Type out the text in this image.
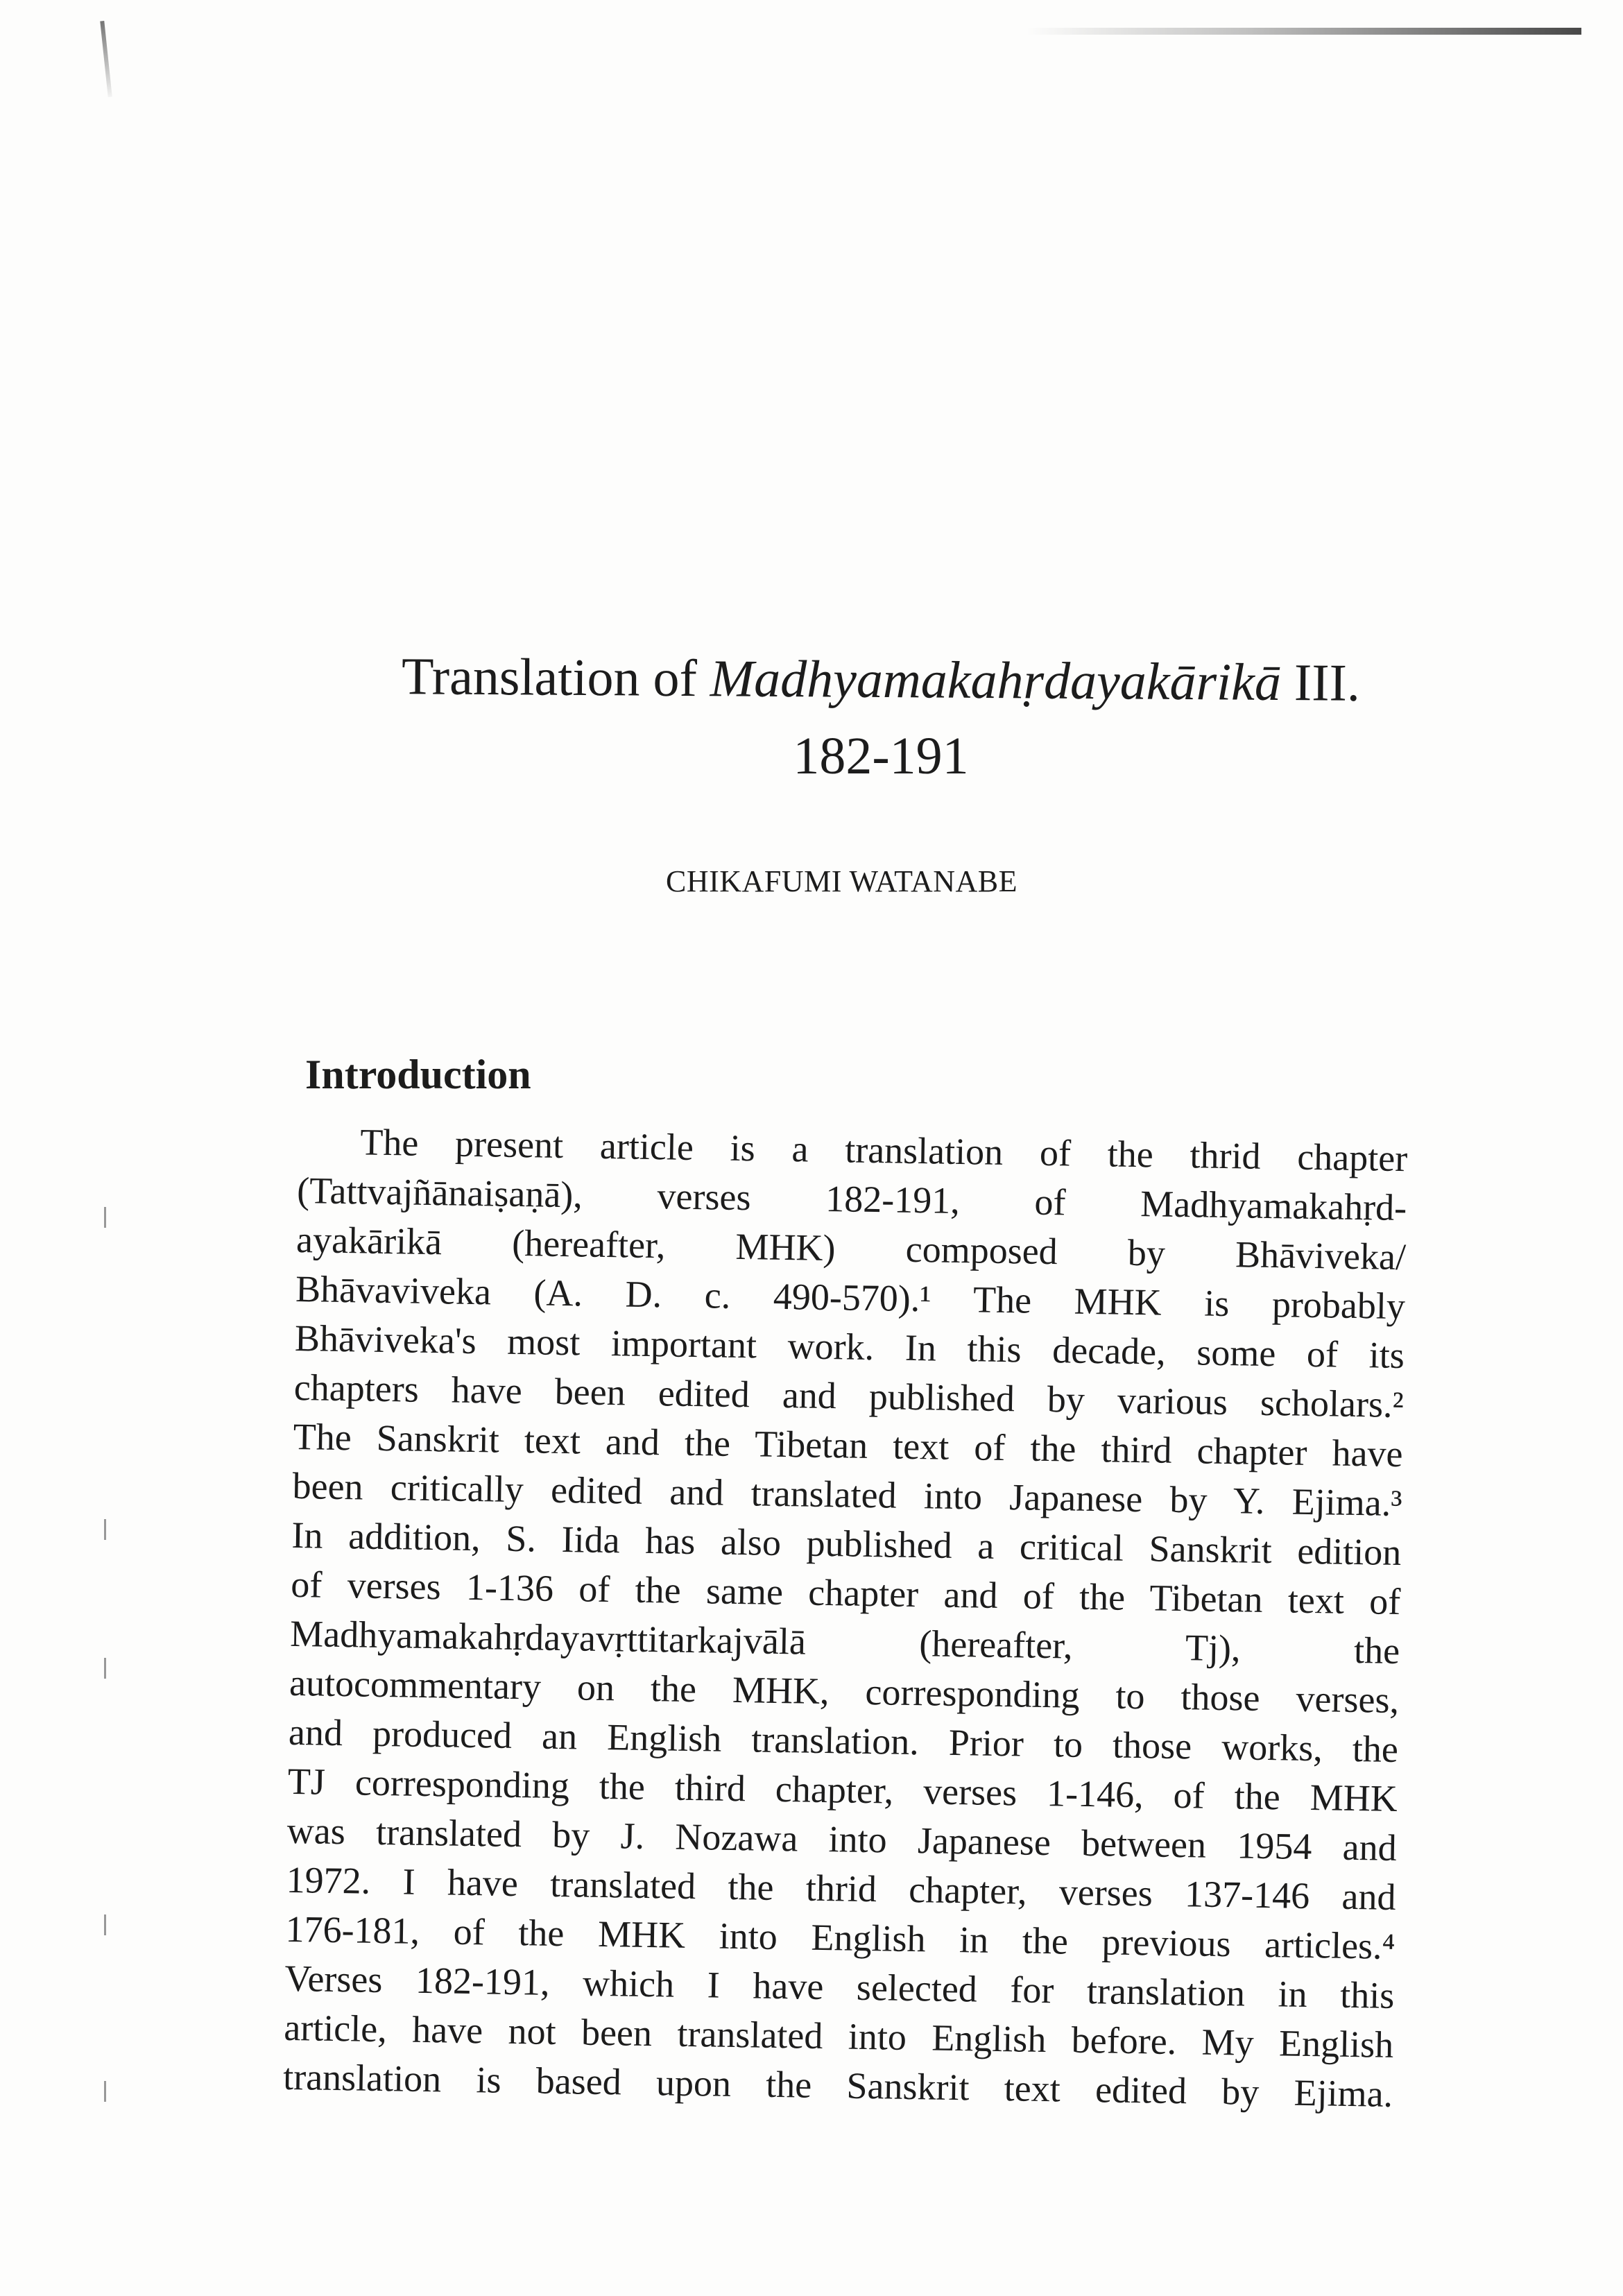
Translation of Madhyamakahṛdayakārikā III.
182-191
CHIKAFUMI WATANABE
Introduction
The present article is a translation of the thrid chapter
(Tattvajñānaiṣaṇā), verses 182-191, of Madhyamakahṛd-
ayakārikā (hereafter, MHK) composed by Bhāviveka/
Bhāvaviveka (A. D. c. 490-570).¹ The MHK is probably
Bhāviveka's most important work. In this decade, some of its
chapters have been edited and published by various scholars.²
The Sanskrit text and the Tibetan text of the third chapter have
been critically edited and translated into Japanese by Y. Ejima.³
In addition, S. Iida has also published a critical Sanskrit edition
of verses 1-136 of the same chapter and of the Tibetan text of
Madhyamakahṛdayavṛttitarkajvālā (hereafter, Tj), the
autocommentary on the MHK, corresponding to those verses,
and produced an English translation. Prior to those works, the
TJ corresponding the third chapter, verses 1-146, of the MHK
was translated by J. Nozawa into Japanese between 1954 and
1972. I have translated the thrid chapter, verses 137-146 and
176-181, of the MHK into English in the previous articles.⁴
Verses 182-191, which I have selected for translation in this
article, have not been translated into English before. My English
translation is based upon the Sanskrit text edited by Ejima.
